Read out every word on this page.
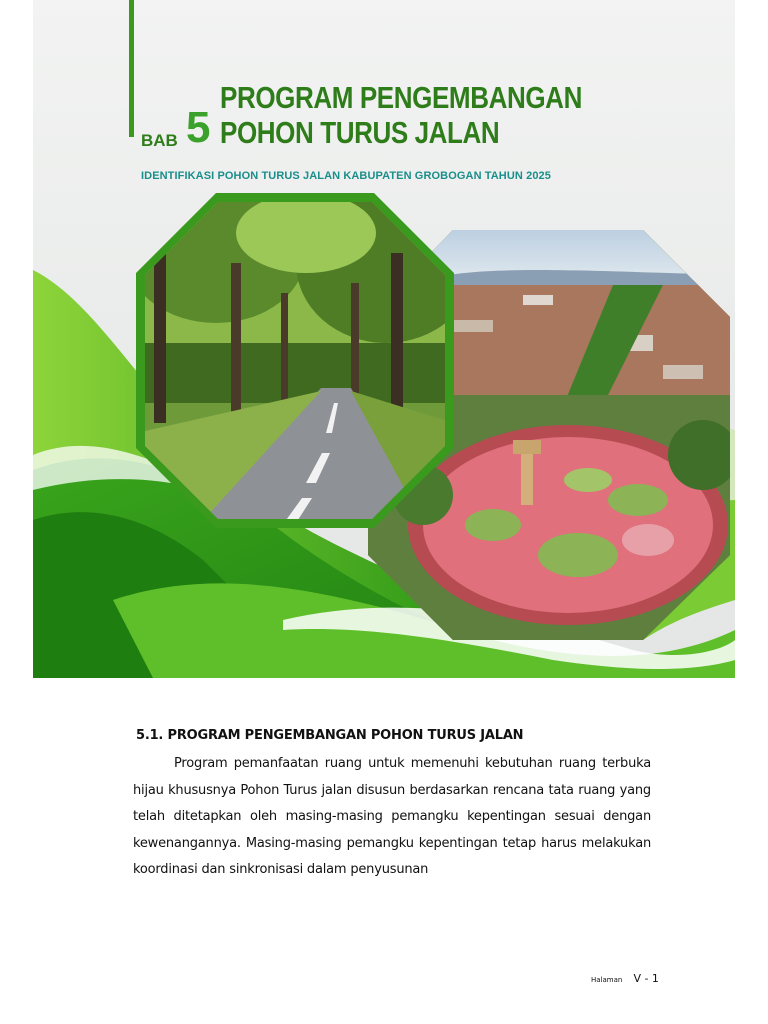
BAB 5
PROGRAM PENGEMBANGAN
POHON TURUS JALAN
IDENTIFIKASI POHON TURUS JALAN KABUPATEN GROBOGAN TAHUN 2025
5.1. PROGRAM PENGEMBANGAN POHON TURUS JALAN

Program pemanfaatan ruang untuk memenuhi kebutuhan ruang terbuka hijau khususnya Pohon Turus jalan disusun berdasarkan rencana tata ruang yang telah ditetapkan oleh masing-masing pemangku kepentingan sesuai dengan kewenangannya. Masing-masing pemangku kepentingan tetap harus melakukan koordinasi dan sinkronisasi dalam penyusunan

Halaman V - 1
